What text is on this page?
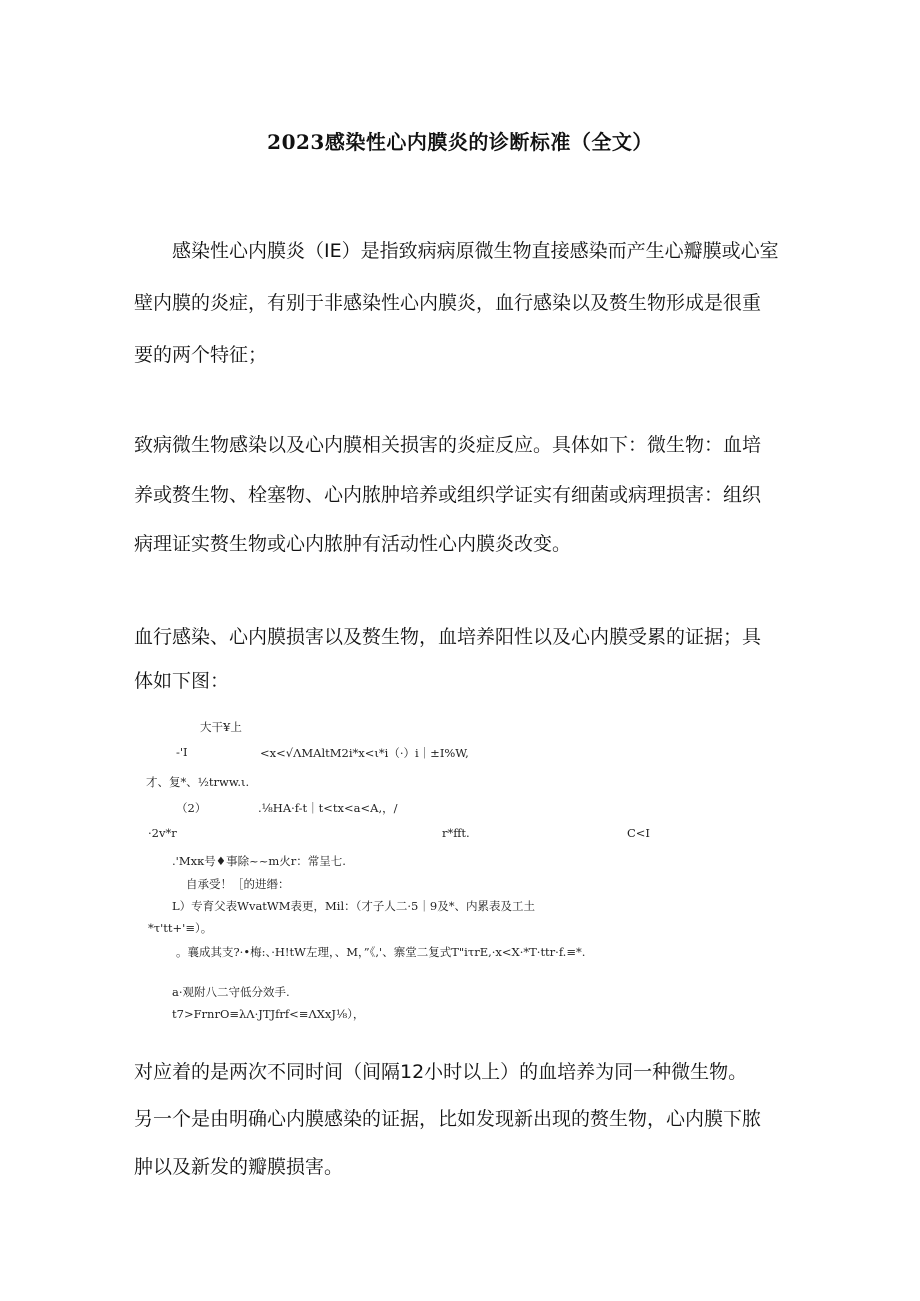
2023感染性心内膜炎的诊断标准（全文）
　　感染性心内膜炎（IE）是指致病病原微生物直接感染而产生心瓣膜或心室
壁内膜的炎症，有别于非感染性心内膜炎，血行感染以及赘生物形成是很重
要的两个特征；
致病微生物感染以及心内膜相关损害的炎症反应。具体如下：微生物：血培
养或赘生物、栓塞物、心内脓肿培养或组织学证实有细菌或病理损害：组织
病理证实赘生物或心内脓肿有活动性心内膜炎改变。
血行感染、心内膜损害以及赘生物，血培养阳性以及心内膜受累的证据；具
体如下图：
大干¥上
-'I	<x<√ΛMAltM2i*x<ι*i（·）i｜±I%W,
才、复*、½trww.ι.
（2）	.⅛HA·f-t｜t<tx<a<A,，/
·2v*r	r*fft.	C<I
.'Mxκ号♦事除~~m火r：常呈七.
自承受！［的进缗：
L）专育父表WvatWM表更，Mil：（才子人二·5｜9及*、内累表及工土
*τ'tt+'≡）。
。襄成其支?·•梅:、·H!tW左理，、M，”《,'、寨堂二复式T"iτrE,·x<X·*T·ttr·f.≡*.
a·观附八二守低分效手.
t7>FrnrO≡λΛ·JTJfrf<≡ΛXxJ⅛），
对应着的是两次不同时间（间隔12小时以上）的血培养为同一种微生物。
另一个是由明确心内膜感染的证据，比如发现新出现的赘生物，心内膜下脓
肿以及新发的瓣膜损害。
